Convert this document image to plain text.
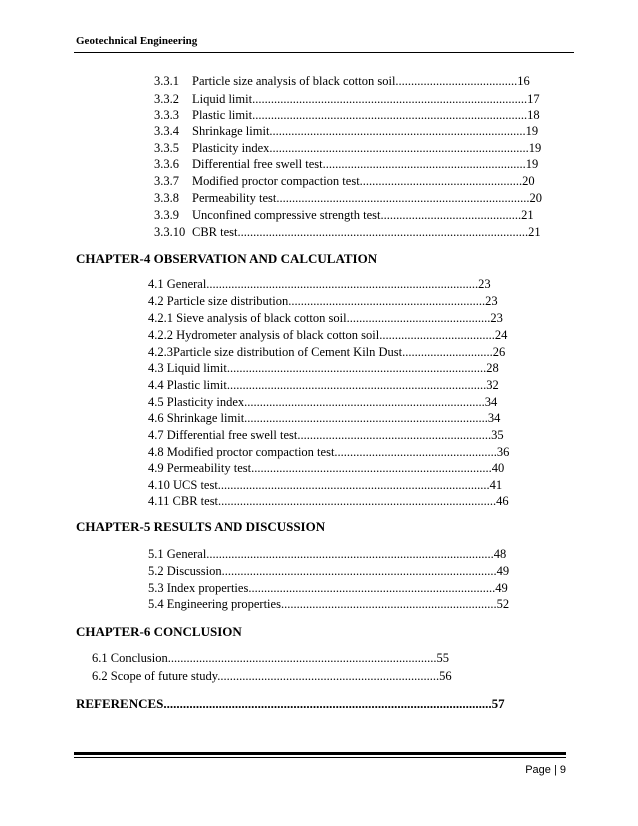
Geotechnical Engineering
3.3.1 Particle size analysis of black cotton soil.......................................16
3.3.2 Liquid limit........................................................................................17
3.3.3 Plastic limit........................................................................................18
3.3.4 Shrinkage limit..................................................................................19
3.3.5 Plasticity index...................................................................................19
3.3.6 Differential free swell test.................................................................19
3.3.7 Modified proctor compaction test....................................................20
3.3.8 Permeability test.................................................................................20
3.3.9 Unconfined compressive strength test.............................................21
3.3.10 CBR test.............................................................................................21
CHAPTER-4 OBSERVATION AND CALCULATION
4.1 General.......................................................................................23
4.2 Particle size distribution...............................................................23
4.2.1 Sieve analysis of black cotton soil..............................................23
4.2.2 Hydrometer analysis of black cotton soil.....................................24
4.2.3Particle size distribution of Cement Kiln Dust.............................26
4.3 Liquid limit...................................................................................28
4.4 Plastic limit...................................................................................32
4.5 Plasticity index.............................................................................34
4.6 Shrinkage limit..............................................................................34
4.7 Differential free swell test..............................................................35
4.8 Modified proctor compaction test....................................................36
4.9 Permeability test.............................................................................40
4.10 UCS test.......................................................................................41
4.11 CBR test.........................................................................................46
CHAPTER-5 RESULTS AND DISCUSSION
5.1 General............................................................................................48
5.2 Discussion........................................................................................49
5.3 Index properties...............................................................................49
5.4 Engineering properties.....................................................................52
CHAPTER-6 CONCLUSION
6.1 Conclusion......................................................................................55
6.2 Scope of future study.......................................................................56
REFERENCES.....................................................................................................57
Page | 9
